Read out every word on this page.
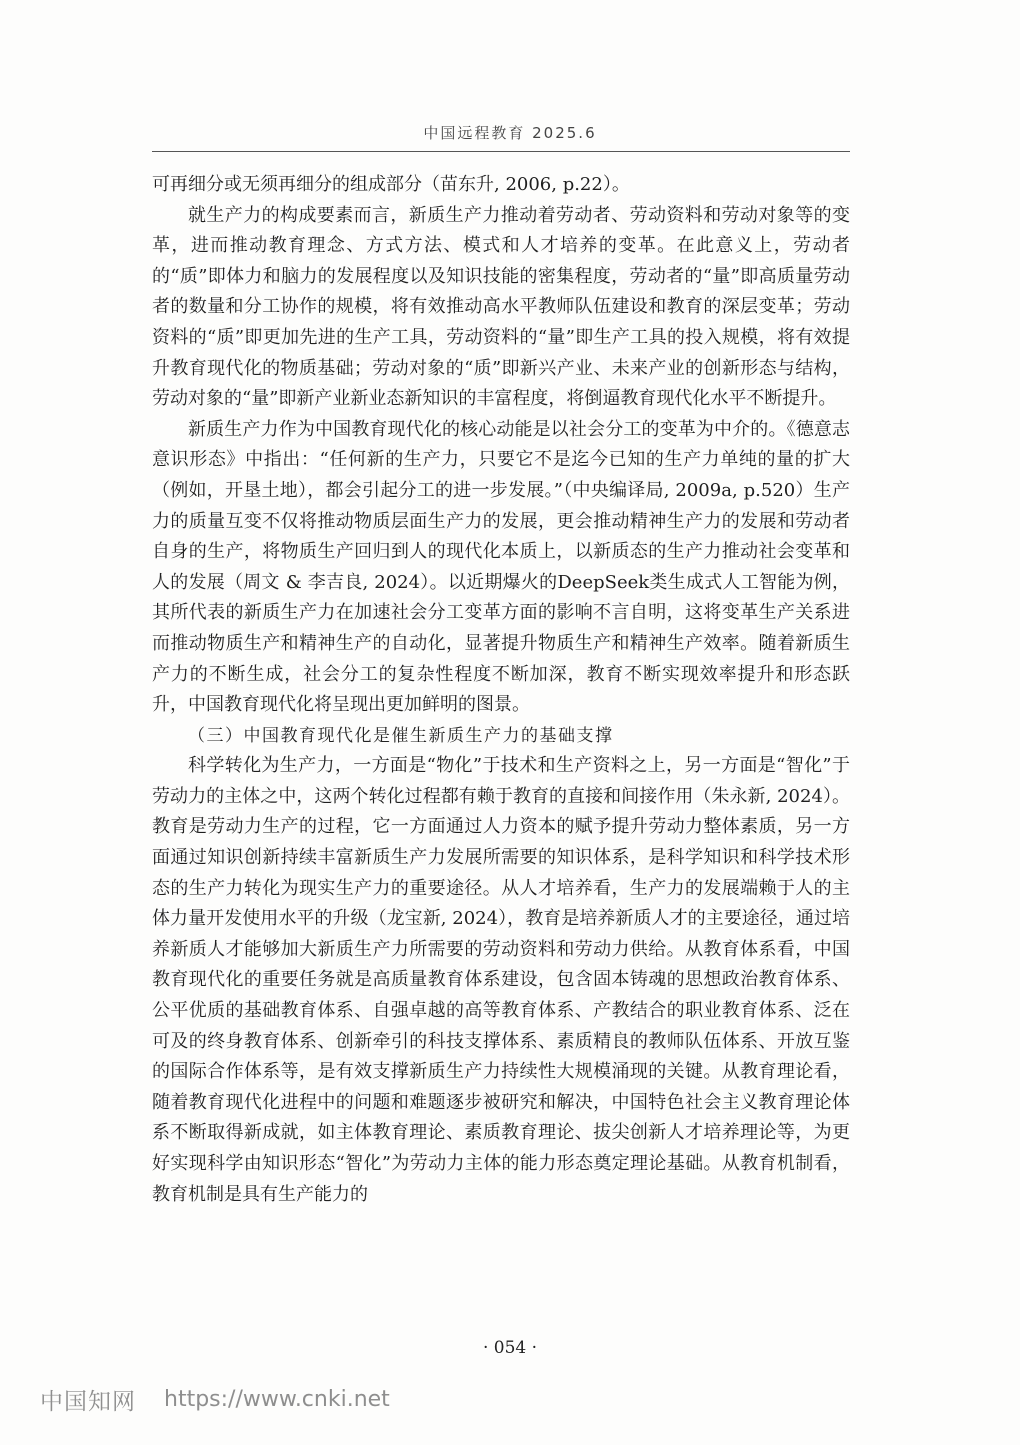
中国远程教育 2025.6

可再细分或无须再细分的组成部分（苗东升, 2006, p.22）。

就生产力的构成要素而言，新质生产力推动着劳动者、劳动资料和劳动对象等的变革，进而推动教育理念、方式方法、模式和人才培养的变革。在此意义上，劳动者的“质”即体力和脑力的发展程度以及知识技能的密集程度，劳动者的“量”即高质量劳动者的数量和分工协作的规模，将有效推动高水平教师队伍建设和教育的深层变革；劳动资料的“质”即更加先进的生产工具，劳动资料的“量”即生产工具的投入规模，将有效提升教育现代化的物质基础；劳动对象的“质”即新兴产业、未来产业的创新形态与结构，劳动对象的“量”即新产业新业态新知识的丰富程度，将倒逼教育现代化水平不断提升。

新质生产力作为中国教育现代化的核心动能是以社会分工的变革为中介的。《德意志意识形态》中指出：“任何新的生产力，只要它不是迄今已知的生产力单纯的量的扩大（例如，开垦土地），都会引起分工的进一步发展。”（中央编译局, 2009a, p.520）生产力的质量互变不仅将推动物质层面生产力的发展，更会推动精神生产力的发展和劳动者自身的生产，将物质生产回归到人的现代化本质上，以新质态的生产力推动社会变革和人的发展（周文 & 李吉良, 2024）。以近期爆火的DeepSeek类生成式人工智能为例，其所代表的新质生产力在加速社会分工变革方面的影响不言自明，这将变革生产关系进而推动物质生产和精神生产的自动化，显著提升物质生产和精神生产效率。随着新质生产力的不断生成，社会分工的复杂性程度不断加深，教育不断实现效率提升和形态跃升，中国教育现代化将呈现出更加鲜明的图景。

（三）中国教育现代化是催生新质生产力的基础支撑

科学转化为生产力，一方面是“物化”于技术和生产资料之上，另一方面是“智化”于劳动力的主体之中，这两个转化过程都有赖于教育的直接和间接作用（朱永新, 2024）。教育是劳动力生产的过程，它一方面通过人力资本的赋予提升劳动力整体素质，另一方面通过知识创新持续丰富新质生产力发展所需要的知识体系，是科学知识和科学技术形态的生产力转化为现实生产力的重要途径。从人才培养看，生产力的发展端赖于人的主体力量开发使用水平的升级（龙宝新, 2024），教育是培养新质人才的主要途径，通过培养新质人才能够加大新质生产力所需要的劳动资料和劳动力供给。从教育体系看，中国教育现代化的重要任务就是高质量教育体系建设，包含固本铸魂的思想政治教育体系、公平优质的基础教育体系、自强卓越的高等教育体系、产教结合的职业教育体系、泛在可及的终身教育体系、创新牵引的科技支撑体系、素质精良的教师队伍体系、开放互鉴的国际合作体系等，是有效支撑新质生产力持续性大规模涌现的关键。从教育理论看，随着教育现代化进程中的问题和难题逐步被研究和解决，中国特色社会主义教育理论体系不断取得新成就，如主体教育理论、素质教育理论、拔尖创新人才培养理论等，为更好实现科学由知识形态“智化”为劳动力主体的能力形态奠定理论基础。从教育机制看，教育机制是具有生产能力的

· 054 ·
中国知网 https://www.cnki.net
